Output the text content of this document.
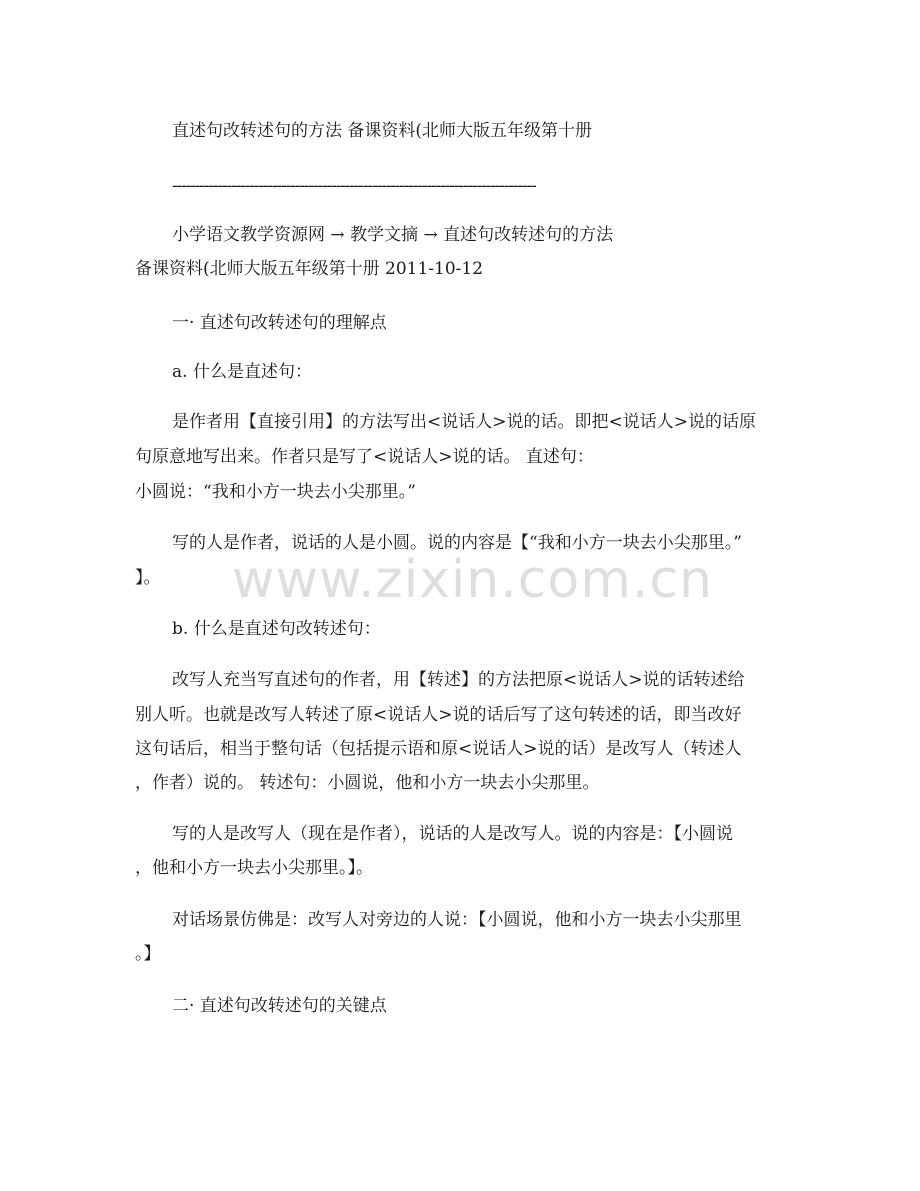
直述句改转述句的方法 备课资料(北师大版五年级第十册
--------------------------------------------------------------------------------
小学语文教学资源网 → 教学文摘 → 直述句改转述句的方法
备课资料(北师大版五年级第十册 2011-10-12
一· 直述句改转述句的理解点
a. 什么是直述句：
是作者用【直接引用】的方法写出<说话人>说的话。即把<说话人>说的话原
句原意地写出来。作者只是写了<说话人>说的话。 直述句：
小圆说：“我和小方一块去小尖那里。”
写的人是作者，说话的人是小圆。说的内容是【“我和小方一块去小尖那里。”
】。
b. 什么是直述句改转述句：
改写人充当写直述句的作者，用【转述】的方法把原<说话人>说的话转述给
别人听。也就是改写人转述了原<说话人>说的话后写了这句转述的话，即当改好
这句话后，相当于整句话（包括提示语和原<说话人>说的话）是改写人（转述人
，作者）说的。 转述句：小圆说，他和小方一块去小尖那里。
写的人是改写人（现在是作者），说话的人是改写人。说的内容是：【小圆说
，他和小方一块去小尖那里。】。
对话场景仿佛是：改写人对旁边的人说：【小圆说，他和小方一块去小尖那里
。】
二· 直述句改转述句的关键点
www.zixin.com.cn
